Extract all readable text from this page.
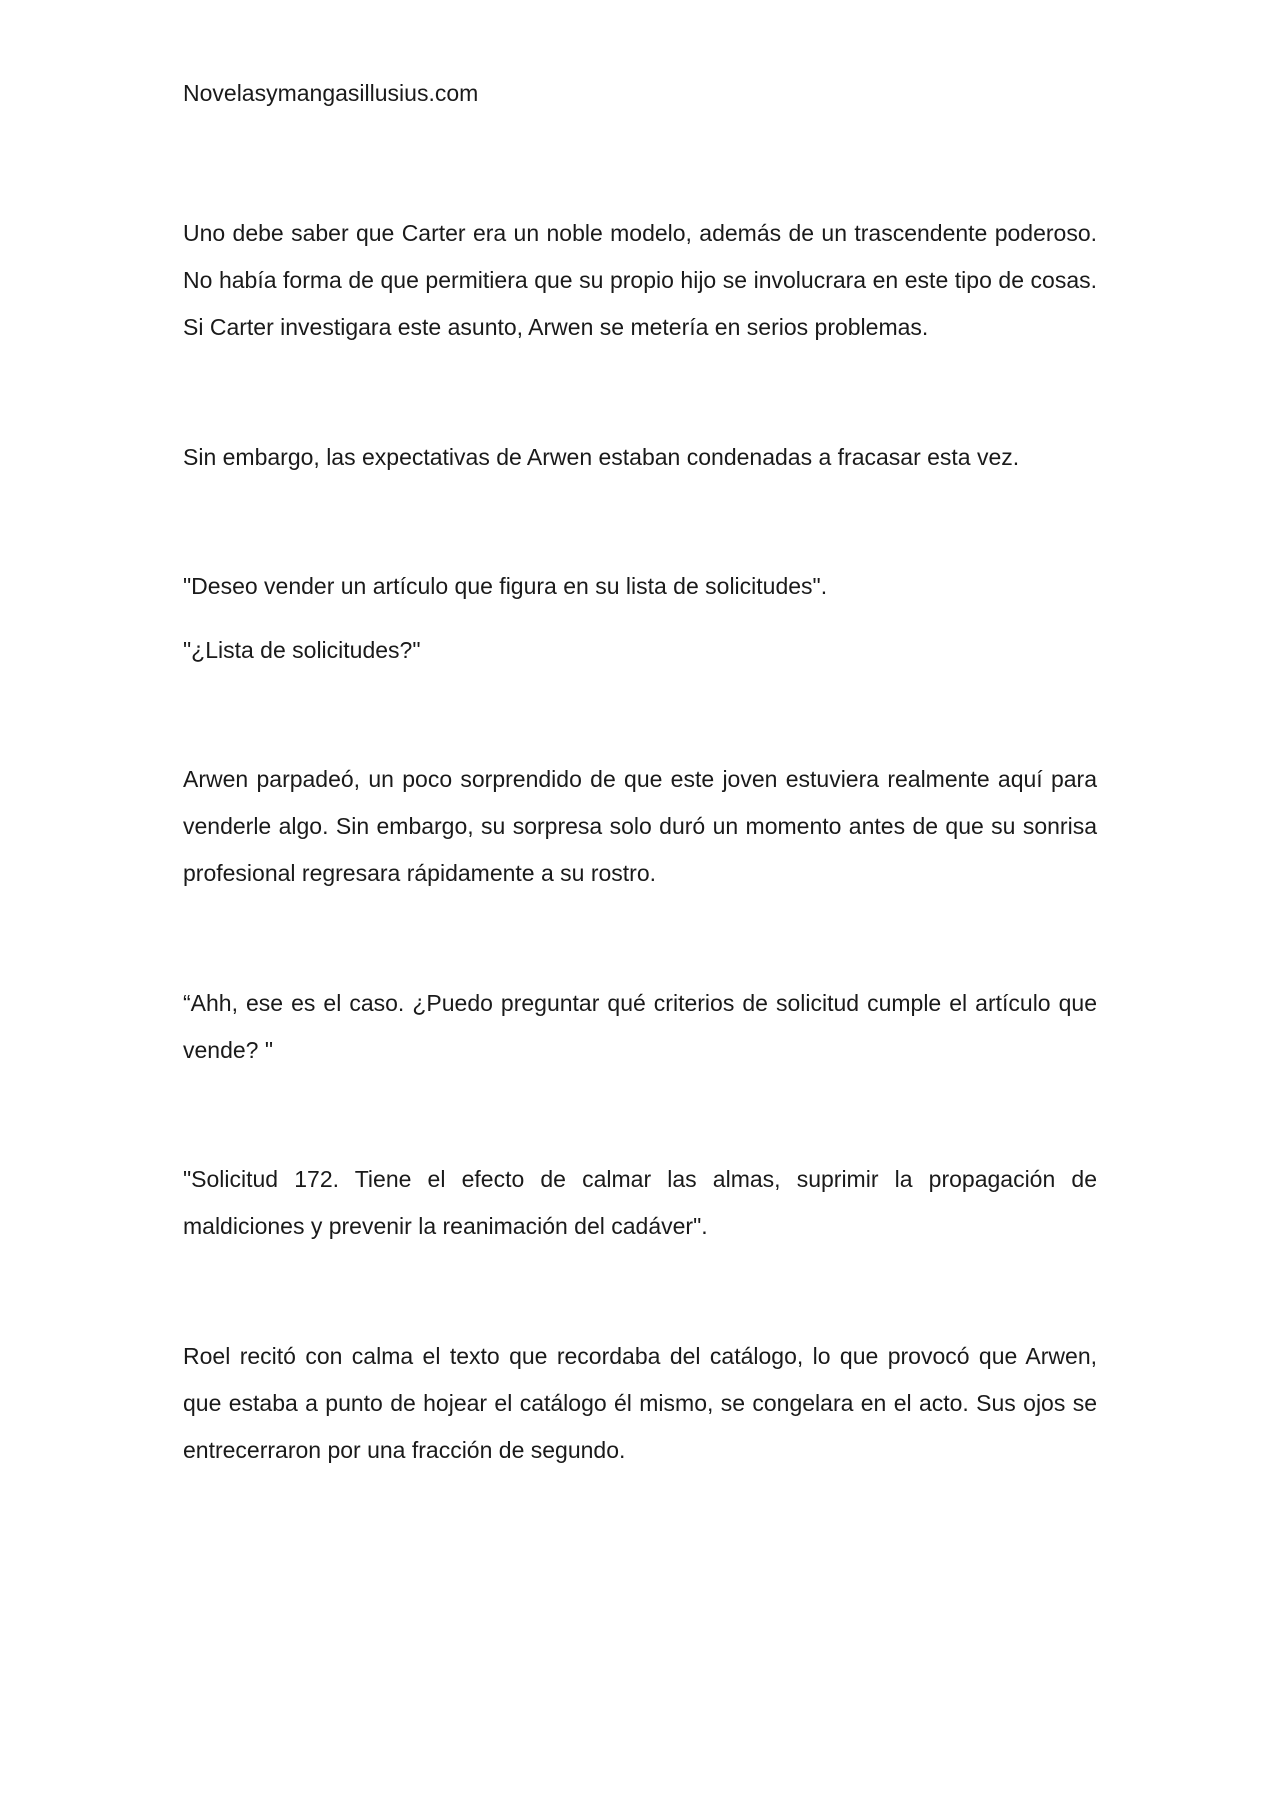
Novelasymangasillusius.com

Uno debe saber que Carter era un noble modelo, además de un trascendente poderoso. No había forma de que permitiera que su propio hijo se involucrara en este tipo de cosas. Si Carter investigara este asunto, Arwen se metería en serios problemas.

Sin embargo, las expectativas de Arwen estaban condenadas a fracasar esta vez.

"Deseo vender un artículo que figura en su lista de solicitudes".

"¿Lista de solicitudes?"

Arwen parpadeó, un poco sorprendido de que este joven estuviera realmente aquí para venderle algo. Sin embargo, su sorpresa solo duró un momento antes de que su sonrisa profesional regresara rápidamente a su rostro.

“Ahh, ese es el caso. ¿Puedo preguntar qué criterios de solicitud cumple el artículo que vende? "

"Solicitud 172. Tiene el efecto de calmar las almas, suprimir la propagación de maldiciones y prevenir la reanimación del cadáver".

Roel recitó con calma el texto que recordaba del catálogo, lo que provocó que Arwen, que estaba a punto de hojear el catálogo él mismo, se congelara en el acto. Sus ojos se entrecerraron por una fracción de segundo.
